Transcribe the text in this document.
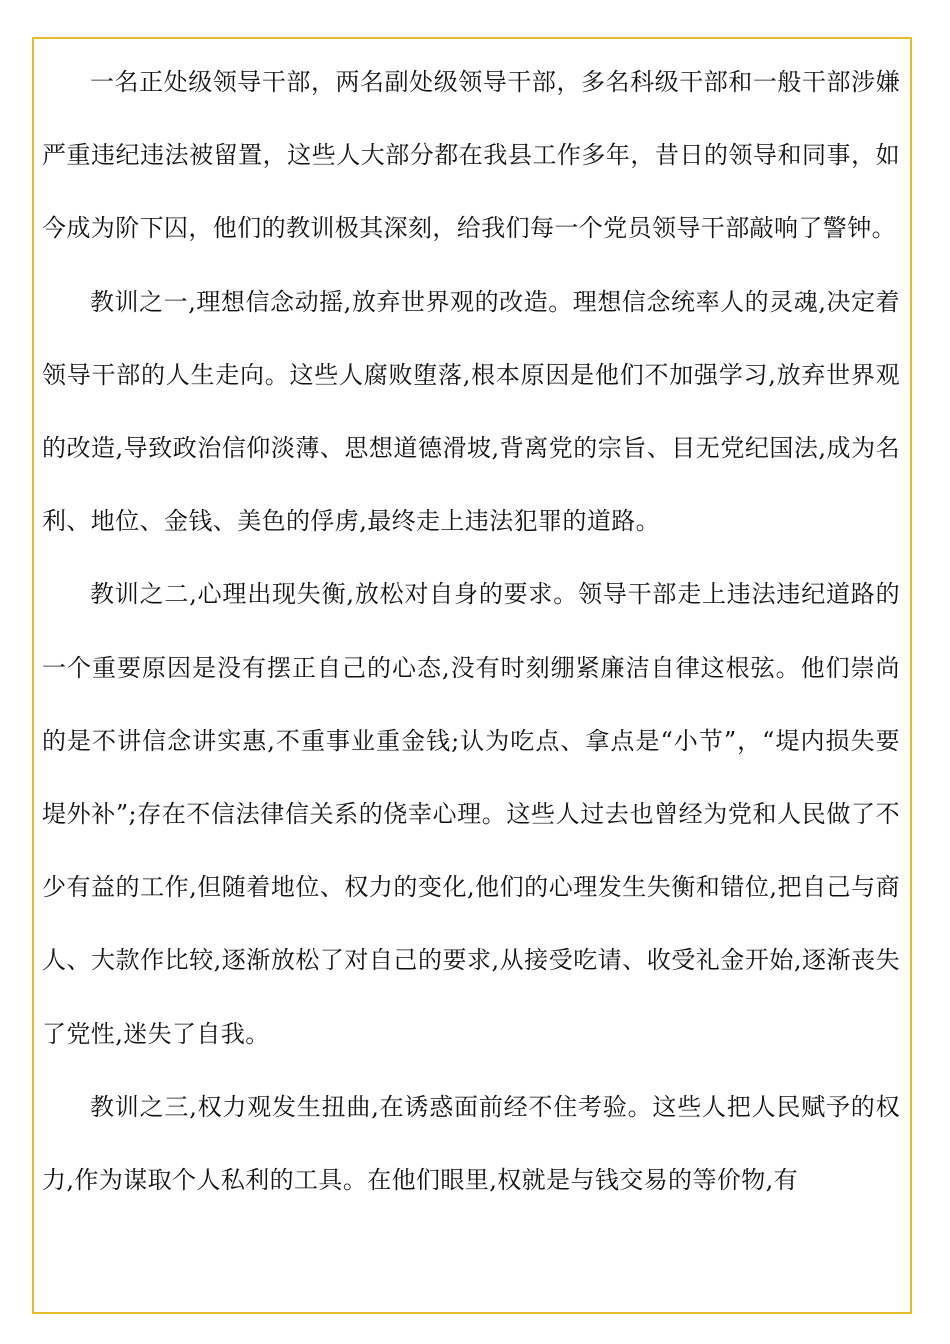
一名正处级领导干部，两名副处级领导干部，多名科级干部和一般干部涉嫌严重违纪违法被留置，这些人大部分都在我县工作多年，昔日的领导和同事，如今成为阶下囚，他们的教训极其深刻，给我们每一个党员领导干部敲响了警钟。

教训之一,理想信念动摇,放弃世界观的改造。理想信念统率人的灵魂,决定着领导干部的人生走向。这些人腐败堕落,根本原因是他们不加强学习,放弃世界观的改造,导致政治信仰淡薄、思想道德滑坡,背离党的宗旨、目无党纪国法,成为名利、地位、金钱、美色的俘虏,最终走上违法犯罪的道路。

教训之二,心理出现失衡,放松对自身的要求。领导干部走上违法违纪道路的一个重要原因是没有摆正自己的心态,没有时刻绷紧廉洁自律这根弦。他们崇尚的是不讲信念讲实惠,不重事业重金钱;认为吃点、拿点是“小节”，“堤内损失要堤外补”;存在不信法律信关系的侥幸心理。这些人过去也曾经为党和人民做了不少有益的工作,但随着地位、权力的变化,他们的心理发生失衡和错位,把自己与商人、大款作比较,逐渐放松了对自己的要求,从接受吃请、收受礼金开始,逐渐丧失了党性,迷失了自我。

教训之三,权力观发生扭曲,在诱惑面前经不住考验。这些人把人民赋予的权力,作为谋取个人私利的工具。在他们眼里,权就是与钱交易的等价物,有
